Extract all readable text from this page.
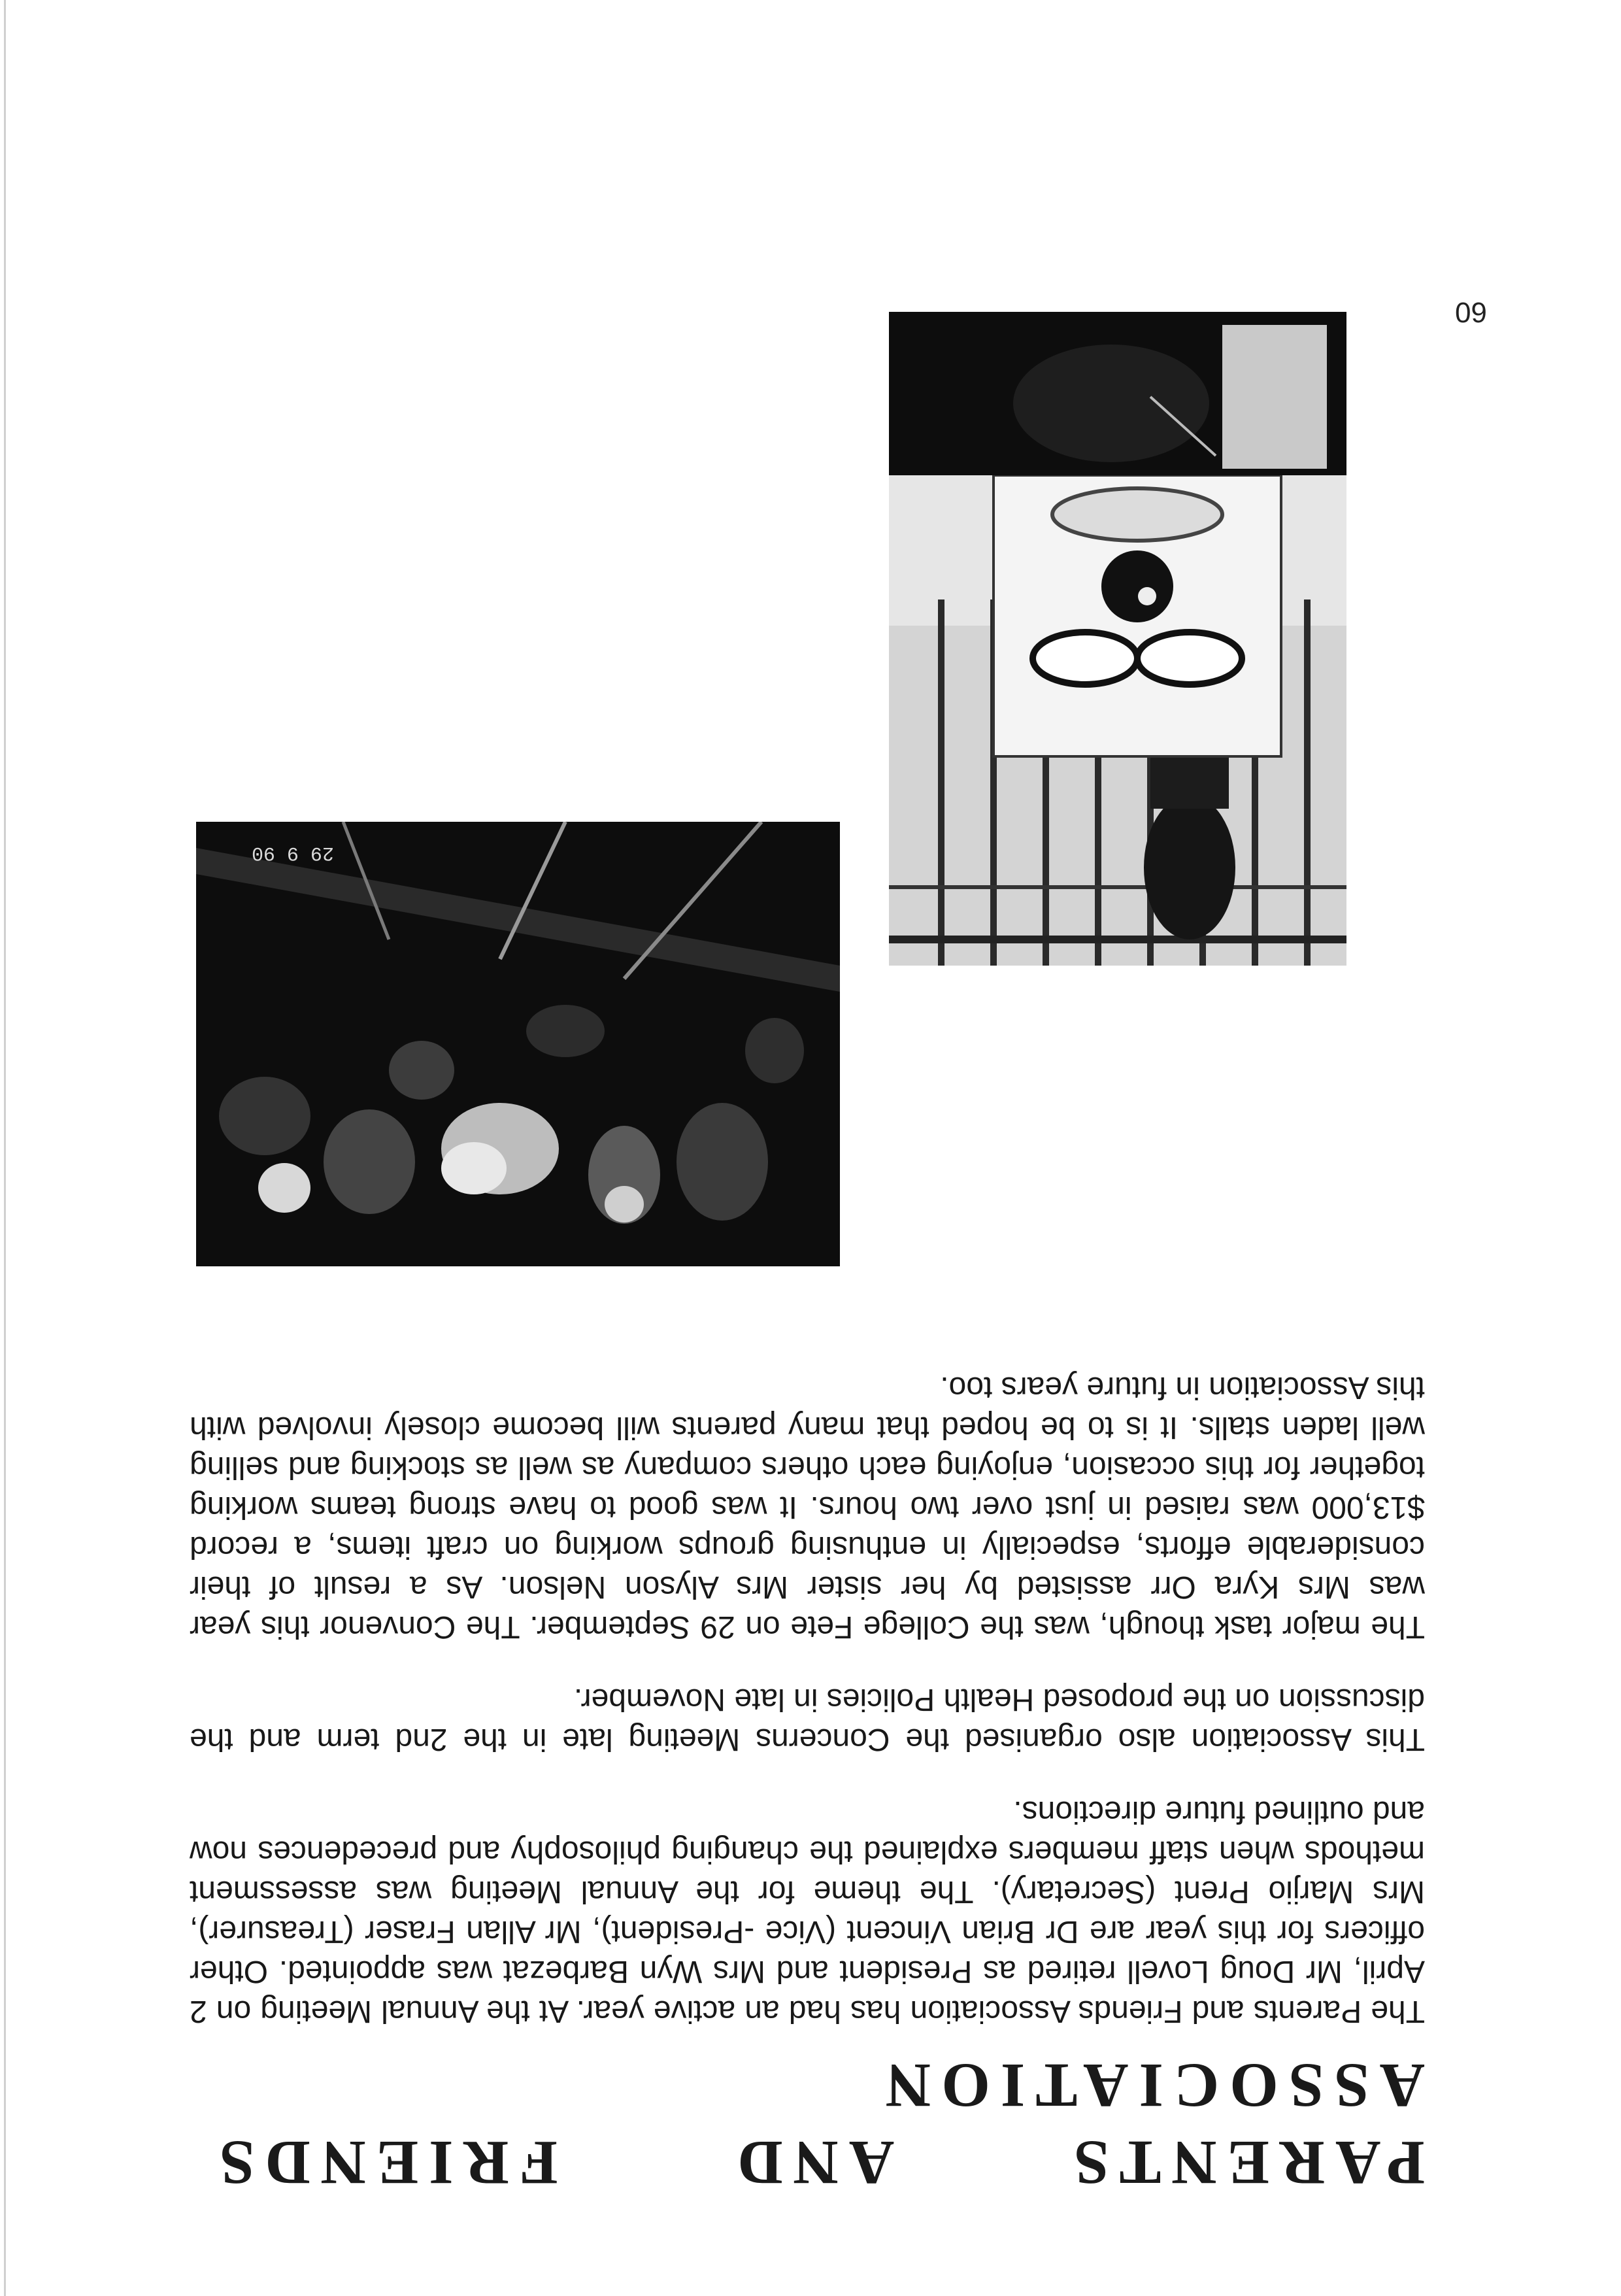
PARENTS
AND
FRIENDS
ASSOCIATION

The Parents and Friends Association has had an active year. At the Annual Meeting on 2 April, Mr Doug Lovell retired as President and Mrs Wyn Barbezat was appointed. Other officers for this year are Dr Brian Vincent (Vice -President), Mr Allan Fraser (Treasurer), Mrs Marjio Prent (Secretary). The theme for the Annual Meeting was assessment methods when staff members explained the changing philosophy and precedences now and outlined future directions.

This Association also organised the Concerns Meeting late in the 2nd term and the discussion on the proposed Health Policies in late November.

The major task though, was the College Fete on 29 September. The Convenor this year was Mrs Kyra Orr assisted by her sister Mrs Alyson Nelson. As a result of their considerable efforts, especially in enthusing groups working on craft items, a record $13,000 was raised in just over two hours. It was good to have strong teams working together for this occasion, enjoying each others company as well as stocking and selling well laden stalls. It is to be hoped that many parents will become closely involved with this Association in future years too.

29 9 90
60
